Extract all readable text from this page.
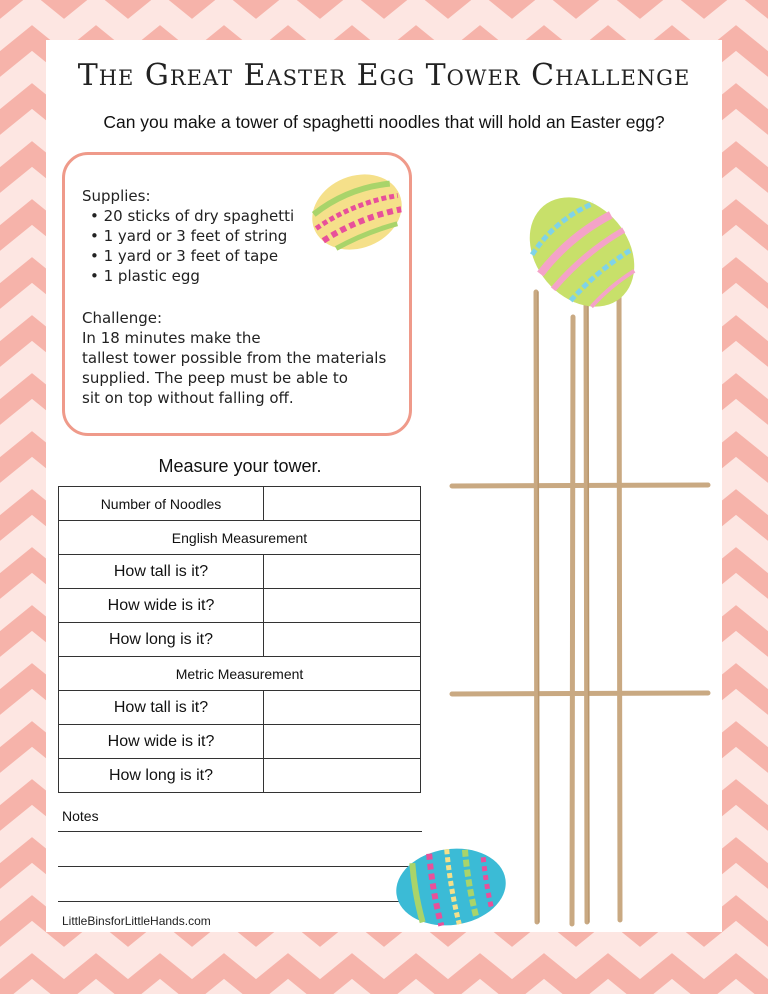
The Great Easter Egg Tower Challenge
Can you make a tower of spaghetti noodles that will hold an Easter egg?
Supplies:
• 20 sticks of dry spaghetti
• 1 yard or 3 feet of string
• 1 yard or 3 feet of tape
• 1 plastic egg
Challenge:
In 18 minutes make the
tallest tower possible from the materials
supplied. The peep must be able to
sit on top without falling off.
Measure your tower.
Number of Noodles	
English Measurement	
How tall is it?	
How wide is it?	
How long is it?	
Metric Measurement	
How tall is it?	
How wide is it?	
How long is it?	
Notes
LittleBinsforLittleHands.com
